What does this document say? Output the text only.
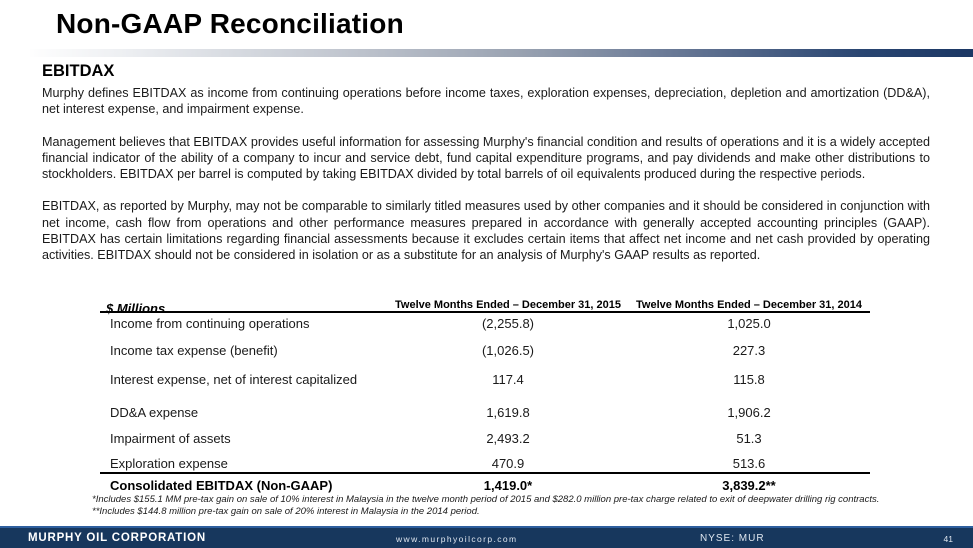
Non-GAAP Reconciliation
EBITDAX

Murphy defines EBITDAX as income from continuing operations before income taxes, exploration expenses, depreciation, depletion and amortization (DD&A), net interest expense, and impairment expense.

Management believes that EBITDAX provides useful information for assessing Murphy's financial condition and results of operations and it is a widely accepted financial indicator of the ability of a company to incur and service debt, fund capital expenditure programs, and pay dividends and make other distributions to stockholders. EBITDAX per barrel is computed by taking EBITDAX divided by total barrels of oil equivalents produced during the respective periods.

EBITDAX, as reported by Murphy, may not be comparable to similarly titled measures used by other companies and it should be considered in conjunction with net income, cash flow from operations and other performance measures prepared in accordance with generally accepted accounting principles (GAAP). EBITDAX has certain limitations regarding financial assessments because it excludes certain items that affect net income and net cash provided by operating activities. EBITDAX should not be considered in isolation or as a substitute for an analysis of Murphy's GAAP results as reported.

$ Millions	Twelve Months Ended – December 31, 2015	Twelve Months Ended – December 31, 2014
Income from continuing operations	(2,255.8)	1,025.0
Income tax expense (benefit)	(1,026.5)	227.3
Interest expense, net of interest capitalized	117.4	115.8
DD&A expense	1,619.8	1,906.2
Impairment of assets	2,493.2	51.3
Exploration expense	470.9	513.6
Consolidated EBITDAX (Non-GAAP)	1,419.0*	3,839.2**
*Includes $155.1 MM pre-tax gain on sale of 10% interest in Malaysia in the twelve month period of 2015 and $282.0 million pre-tax charge related to exit of deepwater drilling rig contracts.
**Includes $144.8 million pre-tax gain on sale of 20% interest in Malaysia in the 2014 period.
MURPHY OIL CORPORATION	www.murphyoilcorp.com	NYSE: MUR	41
